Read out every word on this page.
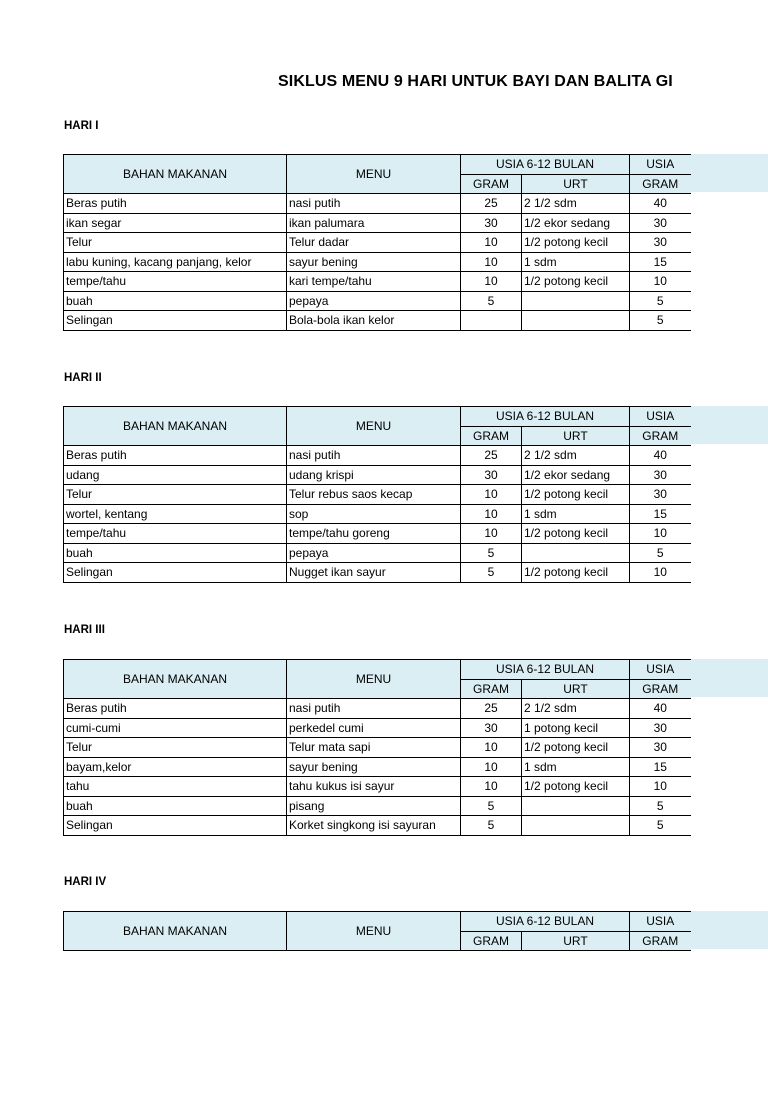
SIKLUS MENU 9 HARI UNTUK BAYI DAN BALITA GI
HARI I
BAHAN MAKANAN	MENU	USIA 6-12 BULAN		USIA
		GRAM	URT	GRAM
Beras putih	nasi putih	25	2 1/2 sdm	40
ikan segar	ikan palumara	30	1/2 ekor sedang	30
Telur	Telur dadar	10	1/2 potong kecil	30
labu kuning, kacang panjang, kelor	sayur bening	10	1 sdm	15
tempe/tahu	kari tempe/tahu	10	1/2 potong kecil	10
buah	pepaya	5		5
Selingan	Bola-bola ikan kelor			5
HARI II
BAHAN MAKANAN	MENU	USIA 6-12 BULAN		USIA
		GRAM	URT	GRAM
Beras putih	nasi putih	25	2 1/2 sdm	40
udang	udang krispi	30	1/2 ekor sedang	30
Telur	Telur rebus saos kecap	10	1/2 potong kecil	30
wortel, kentang	sop	10	1 sdm	15
tempe/tahu	tempe/tahu goreng	10	1/2 potong kecil	10
buah	pepaya	5		5
Selingan	Nugget ikan sayur	5	1/2 potong kecil	10
HARI III
BAHAN MAKANAN	MENU	USIA 6-12 BULAN		USIA
		GRAM	URT	GRAM
Beras putih	nasi putih	25	2 1/2 sdm	40
cumi-cumi	perkedel cumi	30	1 potong kecil	30
Telur	Telur mata sapi	10	1/2 potong kecil	30
bayam,kelor	sayur bening	10	1 sdm	15
tahu	tahu kukus isi sayur	10	1/2 potong kecil	10
buah	pisang	5		5
Selingan	Korket singkong isi sayuran	5		5
HARI IV
BAHAN MAKANAN	MENU	USIA 6-12 BULAN		USIA
		GRAM	URT	GRAM
